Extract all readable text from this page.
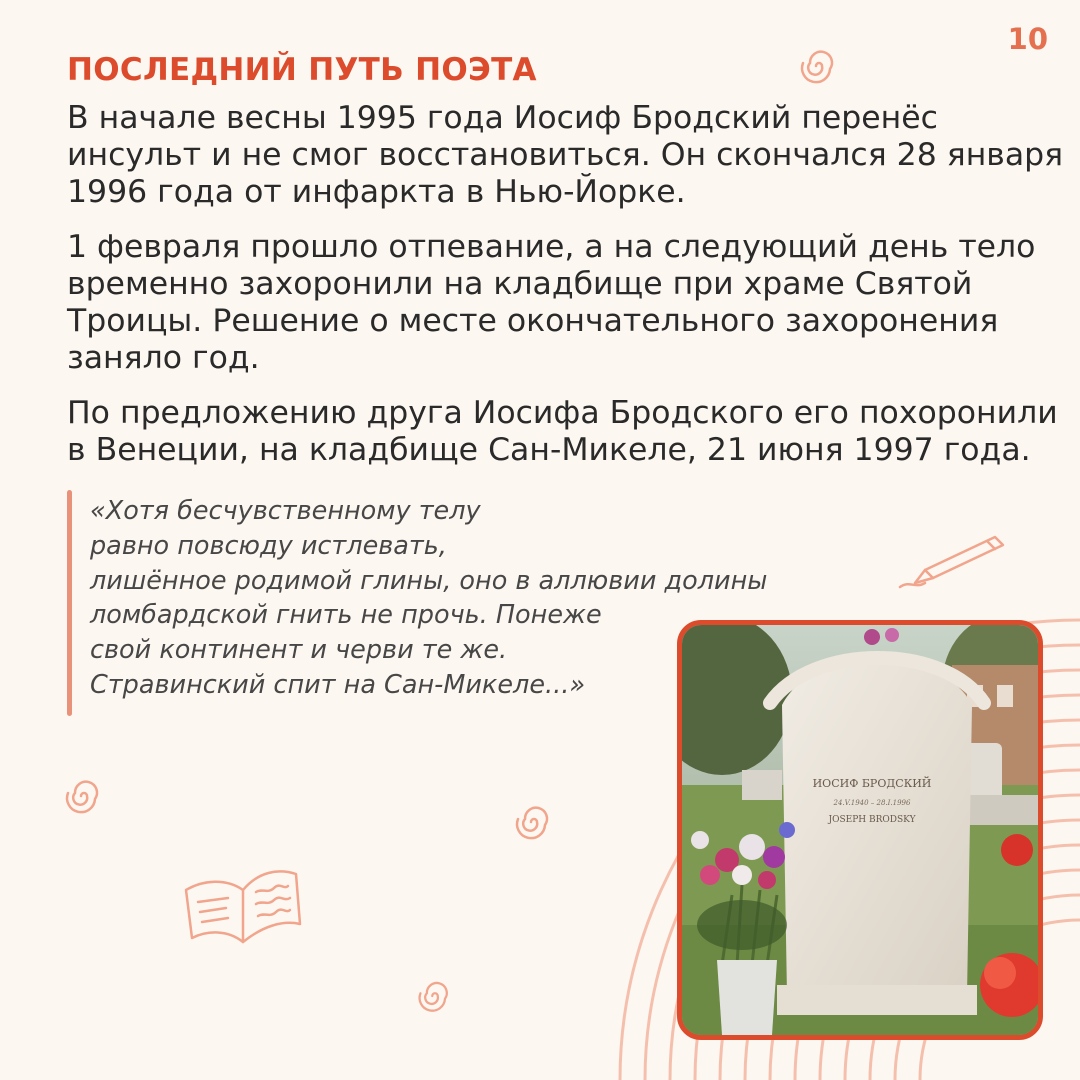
10
ПОСЛЕДНИЙ ПУТЬ ПОЭТА

В начале весны 1995 года Иосиф Бродский перенёс инсульт и не смог восстановиться. Он скончался 28 января 1996 года от инфаркта в Нью-Йорке.

1 февраля прошло отпевание, а на следующий день тело временно захоронили на кладбище при храме Святой Троицы. Решение о месте окончательного захоронения заняло год.

По предложению друга Иосифа Бродского его похоронили в Венеции, на кладбище Сан-Микеле, 21 июня 1997 года.

«Хотя бесчувственному телу
равно повсюду истлевать,
лишённое родимой глины, оно в аллювии долины
ломбардской гнить не прочь. Понеже
свой континент и черви те же.
Стравинский спит на Сан-Микеле...»
ИОСИФ БРОДСКИЙ
24.V.1940 – 28.I.1996
JOSEPH BRODSKY
